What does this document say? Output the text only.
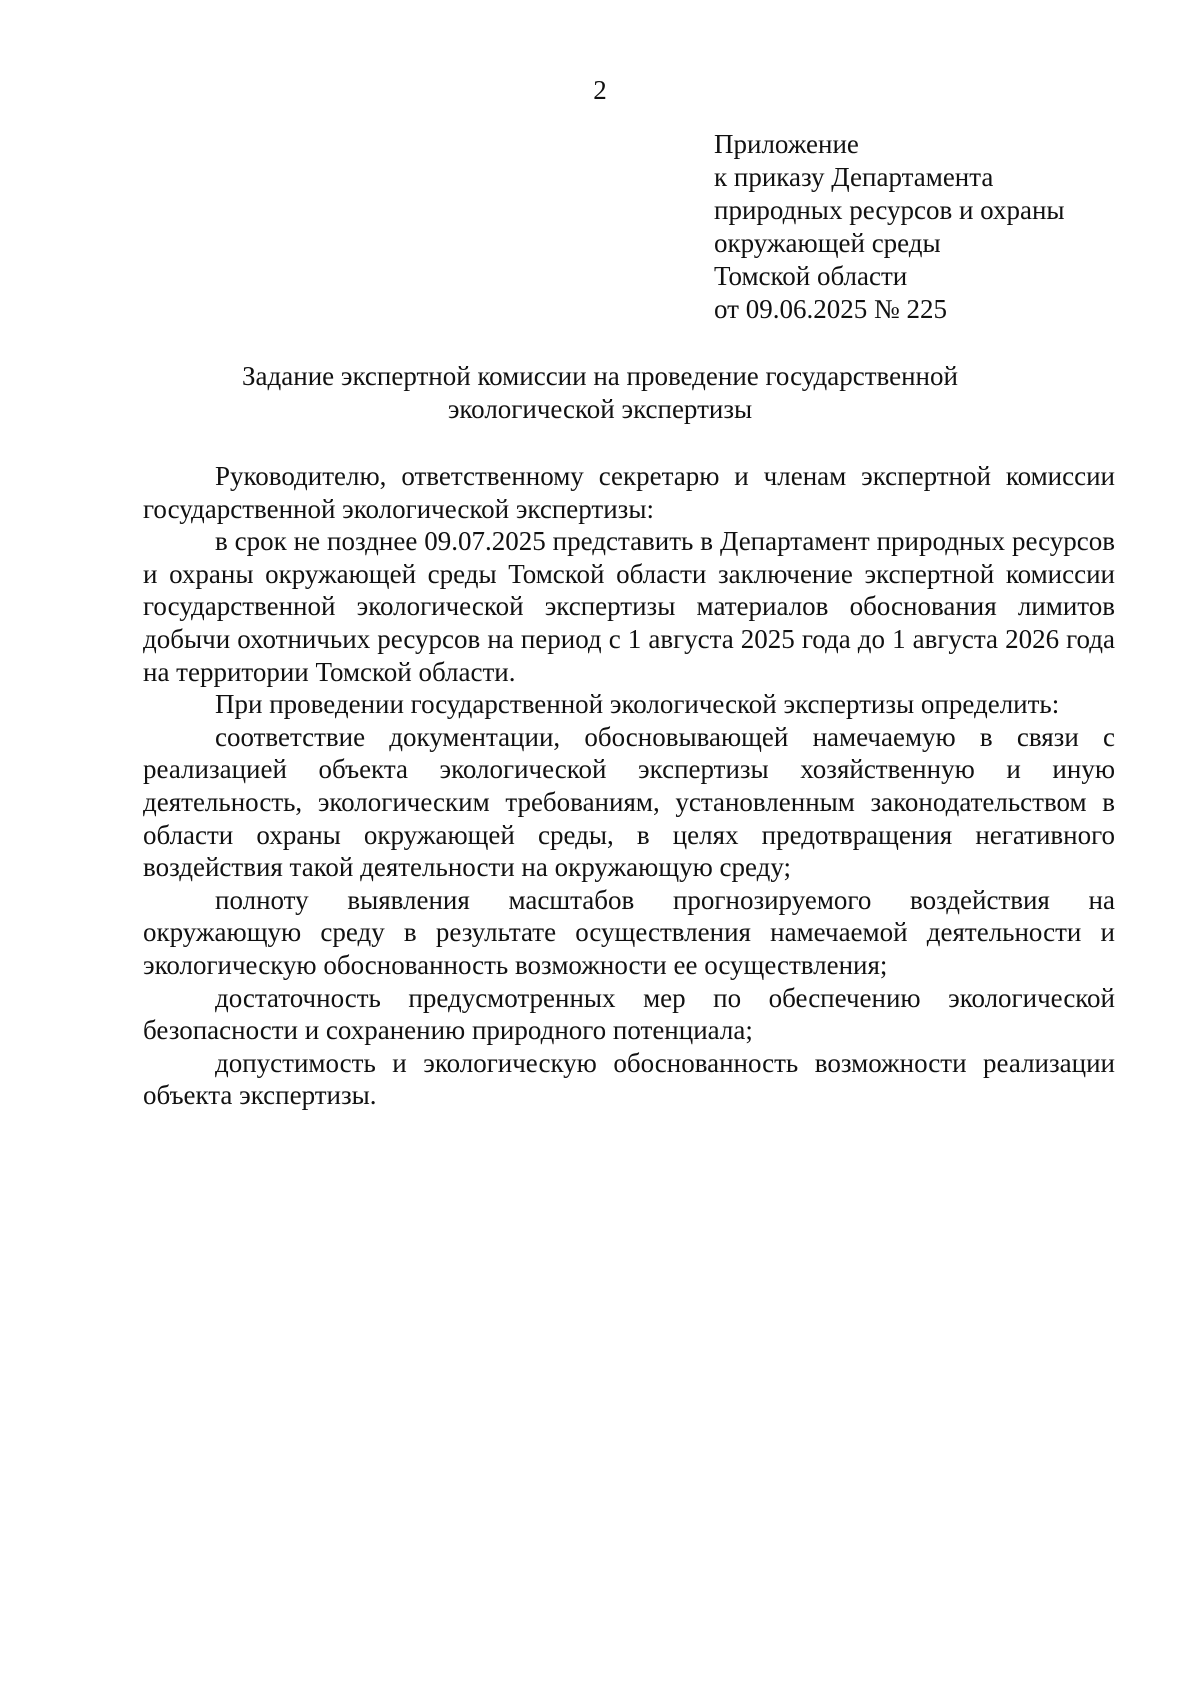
2
Приложение
к приказу Департамента
природных ресурсов и охраны
окружающей среды
Томской области
от 09.06.2025 № 225
Задание экспертной комиссии на проведение государственной
экологической экспертизы

Руководителю, ответственному секретарю и членам экспертной комиссии государственной экологической экспертизы:

в срок не позднее 09.07.2025 представить в Департамент природных ресурсов и охраны окружающей среды Томской области заключение экспертной комиссии государственной экологической экспертизы материалов обоснования лимитов добычи охотничьих ресурсов на период с 1 августа 2025 года до 1 августа 2026 года на территории Томской области.

При проведении государственной экологической экспертизы определить:

соответствие документации, обосновывающей намечаемую в связи с реализацией объекта экологической экспертизы хозяйственную и иную деятельность, экологическим требованиям, установленным законодательством в области охраны окружающей среды, в целях предотвращения негативного воздействия такой деятельности на окружающую среду;

полноту выявления масштабов прогнозируемого воздействия на окружающую среду в результате осуществления намечаемой деятельности и экологическую обоснованность возможности ее осуществления;

достаточность предусмотренных мер по обеспечению экологической безопасности и сохранению природного потенциала;

допустимость и экологическую обоснованность возможности реализации объекта экспертизы.
